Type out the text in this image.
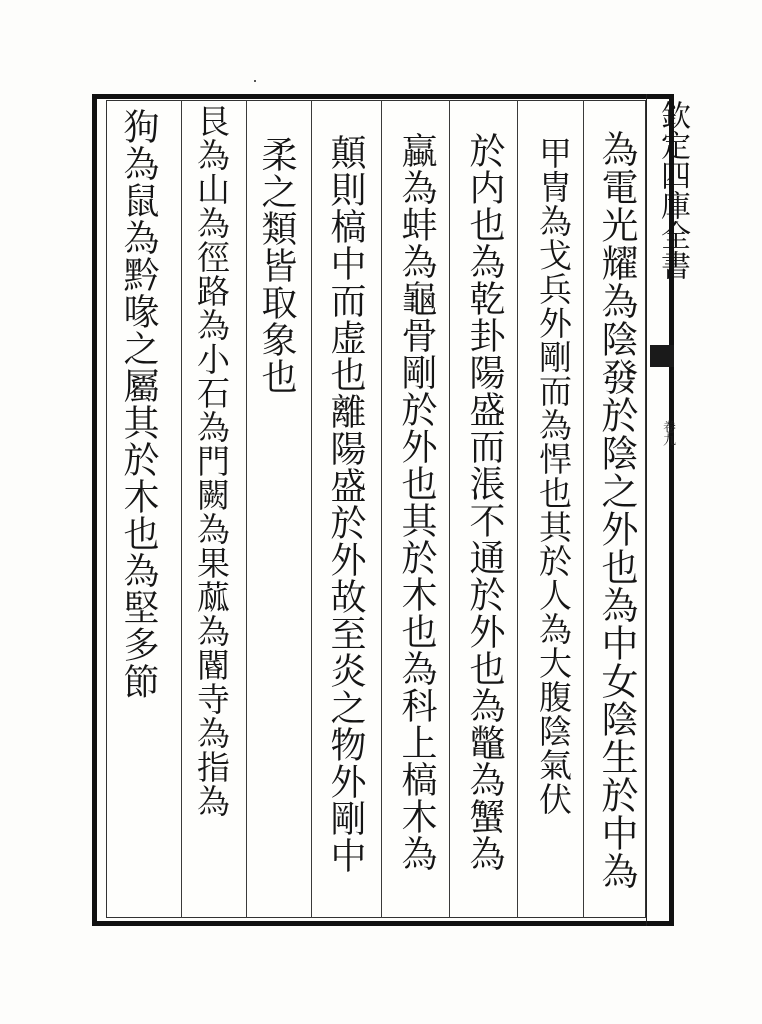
欽定四庫全書
卷九
為電光耀為陰發於陰之外也為中女陰生於中為
甲冑為戈兵外剛而為悍也其於人為大腹陰氣伏
於内也為乾卦陽盛而涱不通於外也為鼈為蟹為
蠃為蚌為龜骨剛於外也其於木也為科上槁木為
顛則槁中而虚也離陽盛於外故至炎之物外剛中
柔之類皆取象也
艮為山為徑路為小石為門闕為果蓏為閽寺為指為
狗為鼠為黔喙之屬其於木也為堅多節
